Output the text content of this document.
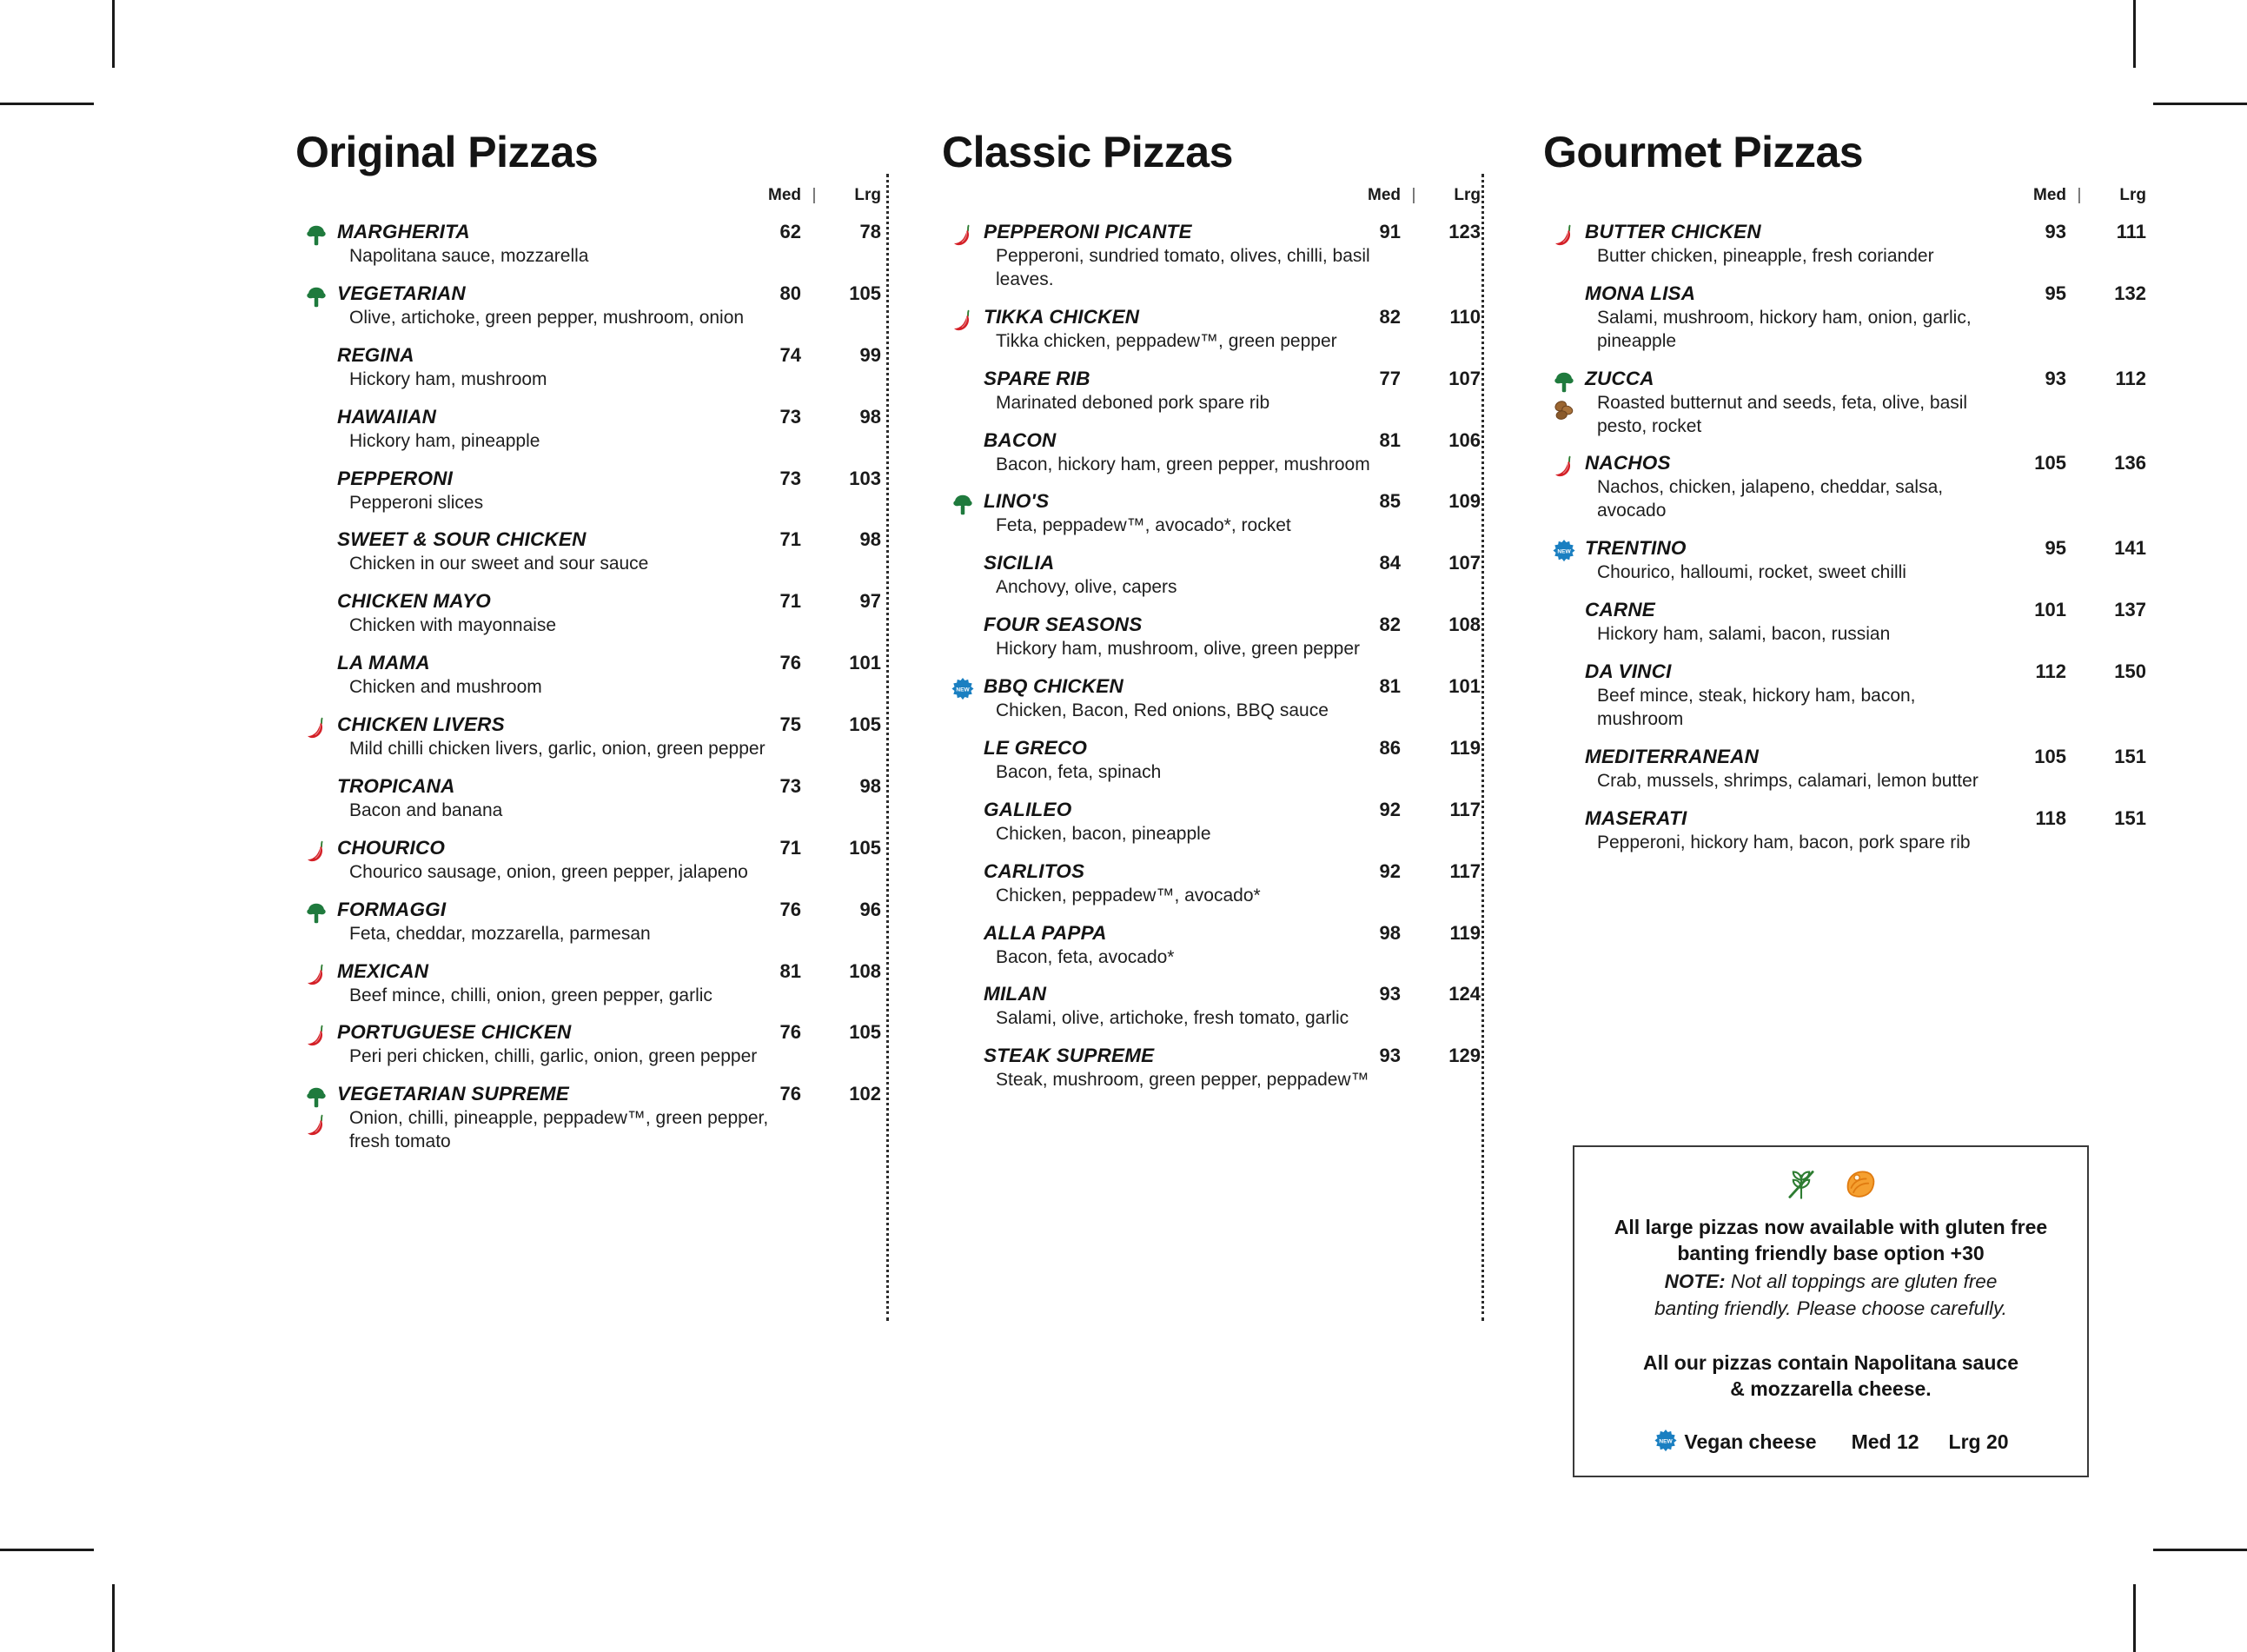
Original Pizzas
Med |	Lrg
MARGHERITA	62	78
Napolitana sauce, mozzarella
VEGETARIAN	80	105
Olive, artichoke, green pepper, mushroom, onion
REGINA	74	99
Hickory ham, mushroom
HAWAIIAN	73	98
Hickory ham, pineapple
PEPPERONI	73	103
Pepperoni slices
SWEET & SOUR CHICKEN	71	98
Chicken in our sweet and sour sauce
CHICKEN MAYO	71	97
Chicken with mayonnaise
LA MAMA	76	101
Chicken and mushroom
CHICKEN LIVERS	75	105
Mild chilli chicken livers, garlic, onion, green pepper
TROPICANA	73	98
Bacon and banana
CHOURICO	71	105
Chourico sausage, onion, green pepper, jalapeno
FORMAGGI	76	96
Feta, cheddar, mozzarella, parmesan
MEXICAN	81	108
Beef mince, chilli, onion, green pepper, garlic
PORTUGUESE CHICKEN	76	105
Peri peri chicken, chilli, garlic, onion, green pepper
VEGETARIAN SUPREME	76	102
Onion, chilli, pineapple, peppadew™, green pepper, fresh tomato
Classic Pizzas
Med |	Lrg
PEPPERONI PICANTE	91	123
Pepperoni, sundried tomato, olives, chilli, basil leaves.
TIKKA CHICKEN	82	110
Tikka chicken, peppadew™, green pepper
SPARE RIB	77	107
Marinated deboned pork spare rib
BACON	81	106
Bacon, hickory ham, green pepper, mushroom
LINO'S	85	109
Feta, peppadew™, avocado*, rocket
SICILIA	84	107
Anchovy, olive, capers
FOUR SEASONS	82	108
Hickory ham, mushroom, olive, green pepper
NEW BBQ CHICKEN	81	101
Chicken, Bacon, Red onions, BBQ sauce
LE GRECO	86	119
Bacon, feta, spinach
GALILEO	92	117
Chicken, bacon, pineapple
CARLITOS	92	117
Chicken, peppadew™, avocado*
ALLA PAPPA	98	119
Bacon, feta, avocado*
MILAN	93	124
Salami, olive, artichoke, fresh tomato, garlic
STEAK SUPREME	93	129
Steak, mushroom, green pepper, peppadew™
Gourmet Pizzas
Med |	Lrg
BUTTER CHICKEN	93	111
Butter chicken, pineapple, fresh coriander
MONA LISA	95	132
Salami, mushroom, hickory ham, onion, garlic, pineapple
ZUCCA	93	112
Roasted butternut and seeds, feta, olive, basil pesto, rocket
NACHOS	105	136
Nachos, chicken, jalapeno, cheddar, salsa, avocado
NEW TRENTINO	95	141
Chourico, halloumi, rocket, sweet chilli
CARNE	101	137
Hickory ham, salami, bacon, russian
DA VINCI	112	150
Beef mince, steak, hickory ham, bacon, mushroom
MEDITERRANEAN	105	151
Crab, mussels, shrimps, calamari, lemon butter
MASERATI	118	151
Pepperoni, hickory ham, bacon, pork spare rib
All large pizzas now available with gluten free
banting friendly base option +30
NOTE: Not all toppings are gluten free
banting friendly. Please choose carefully.
All our pizzas contain Napolitana sauce
& mozzarella cheese.
NEW Vegan cheese Med 12 Lrg 20
